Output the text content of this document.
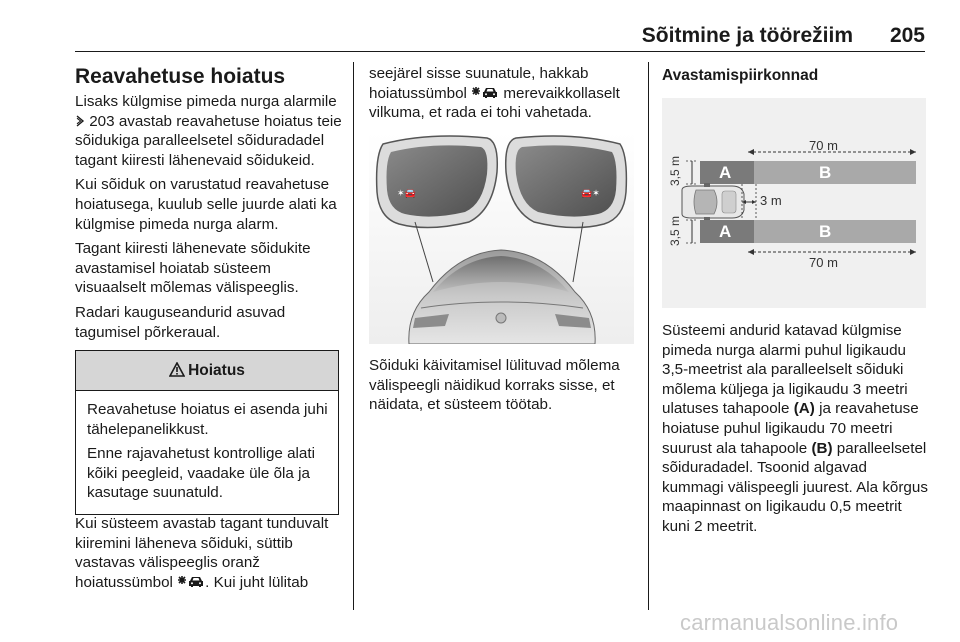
Sõitmine ja töörežiim 205
Reavahetuse hoiatus

Lisaks külgmise pimeda nurga alarmile  203 avastab reavahetuse hoiatus teie sõidukiga paralleelsetel sõiduradadel tagant kiiresti lähenevaid sõidukeid.

Kui sõiduk on varustatud reavahetuse hoiatusega, kuulub selle juurde alati ka külgmise pimeda nurga alarm.

Tagant kiiresti lähenevate sõidukite avastamisel hoiatab süsteem visuaalselt mõlemas välispeeglis.

Radari kauguseandurid asuvad tagumisel põrkeraual.

Hoiatus

Reavahetuse hoiatus ei asenda juhi tähelepanelikkust.

Enne rajavahetust kontrollige alati kõiki peegleid, vaadake üle õla ja kasutage suunatuld.

Kui süsteem avastab tagant tunduvalt kiiremini läheneva sõiduki, süttib vastavas välispeeglis oranž hoiatussümbol . Kui juht lülitab

seejärel sisse suunatule, hakkab hoiatussümbol merevaikkollaselt vilkuma, et rada ei tohi vahetada.

✶🚘	🚘✶

Sõiduki käivitamisel lülituvad mõlema välispeegli näidikud korraks sisse, et näidata, et süsteem töötab.

Avastamispiirkonnad
70 m
3,5 m A	B
3 m
3,5 m A	B
70 m

Süsteemi andurid katavad külgmise pimeda nurga alarmi puhul ligikaudu 3,5-meetrist ala paralleelselt sõiduki mõlema küljega ja ligikaudu 3 meetri ulatuses tahapoole (A) ja reavahetuse hoiatuse puhul ligikaudu 70 meetri suurust ala tahapoole (B) paralleelsetel sõiduradadel. Tsoonid algavad kummagi välispeegli juurest. Ala kõrgus maapinnast on ligikaudu 0,5 meetrit kuni 2 meetrit.

carmanualsonline.info
